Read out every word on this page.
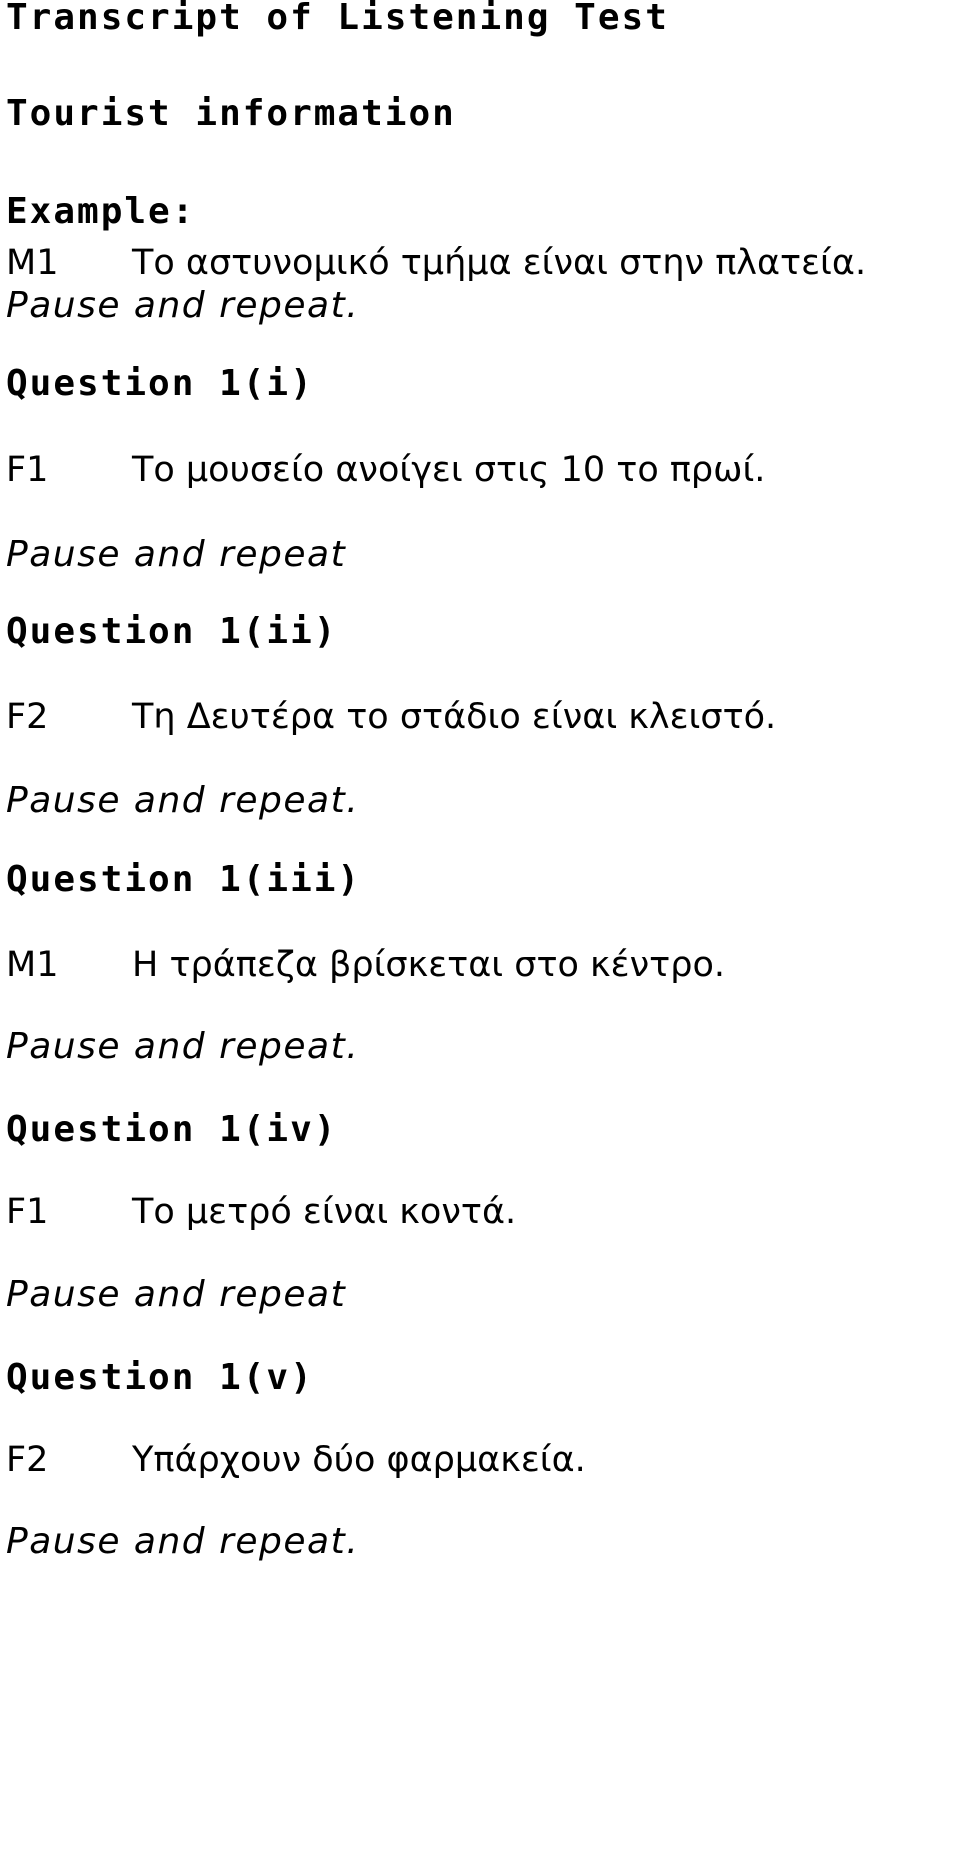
Transcript of Listening Test
Tourist information
Example:
M1 Το αστυνομικό τμήμα είναι στην πλατεία.
Pause and repeat.
Question 1(i)
F1 Το μουσείο ανοίγει στις 10 το πρωί.
Pause and repeat
Question 1(ii)
F2 Τη Δευτέρα το στάδιο είναι κλειστό.
Pause and repeat.
Question 1(iii)
M1 Η τράπεζα βρίσκεται στο κέντρο.
Pause and repeat.
Question 1(iv)
F1 Το μετρό είναι κοντά.
Pause and repeat
Question 1(v)
F2 Υπάρχουν δύο φαρμακεία.
Pause and repeat.
